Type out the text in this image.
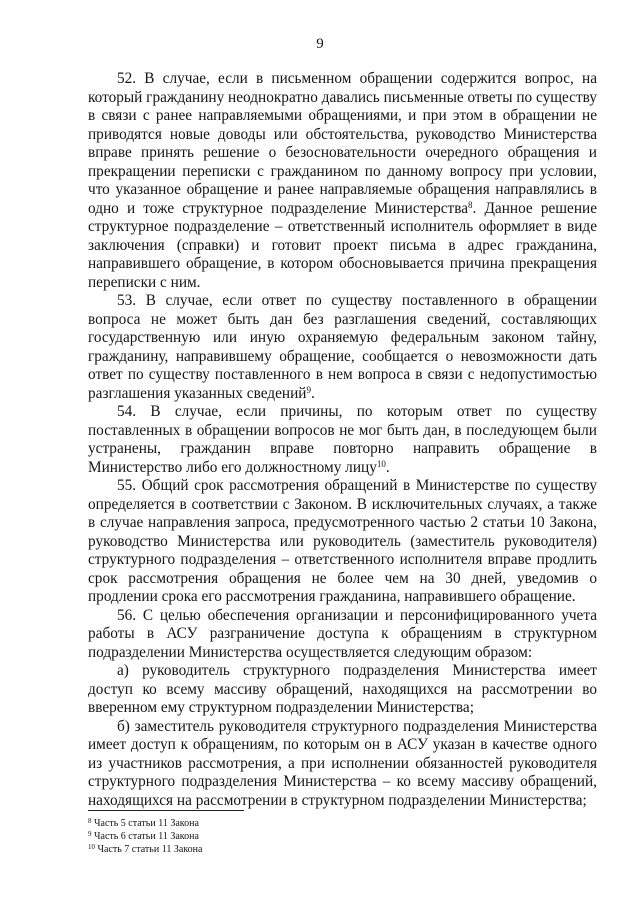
9

52. В случае, если в письменном обращении содержится вопрос, на который гражданину неоднократно давались письменные ответы по существу в связи с ранее направляемыми обращениями, и при этом в обращении не приводятся новые доводы или обстоятельства, руководство Министерства вправе принять решение о безосновательности очередного обращения и прекращении переписки с гражданином по данному вопросу при условии, что указанное обращение и ранее направляемые обращения направлялись в одно и тоже структурное подразделение Министерства$^8$. Данное решение структурное подразделение – ответственный исполнитель оформляет в виде заключения (справки) и готовит проект письма в адрес гражданина, направившего обращение, в котором обосновывается причина прекращения переписки с ним.

53. В случае, если ответ по существу поставленного в обращении вопроса не может быть дан без разглашения сведений, составляющих государственную или иную охраняемую федеральным законом тайну, гражданину, направившему обращение, сообщается о невозможности дать ответ по существу поставленного в нем вопроса в связи с недопустимостью разглашения указанных сведений$^9$.

54. В случае, если причины, по которым ответ по существу поставленных в обращении вопросов не мог быть дан, в последующем были устранены, гражданин вправе повторно направить обращение в Министерство либо его должностному лицу$^{10}$.

55. Общий срок рассмотрения обращений в Министерстве по существу определяется в соответствии с Законом. В исключительных случаях, а также в случае направления запроса, предусмотренного частью 2 статьи 10 Закона, руководство Министерства или руководитель (заместитель руководителя) структурного подразделения – ответственного исполнителя вправе продлить срок рассмотрения обращения не более чем на 30 дней, уведомив о продлении срока его рассмотрения гражданина, направившего обращение.

56. С целью обеспечения организации и персонифицированного учета работы в АСУ разграничение доступа к обращениям в структурном подразделении Министерства осуществляется следующим образом:

а) руководитель структурного подразделения Министерства имеет доступ ко всему массиву обращений, находящихся на рассмотрении во вверенном ему структурном подразделении Министерства;

б) заместитель руководителя структурного подразделения Министерства имеет доступ к обращениям, по которым он в АСУ указан в качестве одного из участников рассмотрения, а при исполнении обязанностей руководителя структурного подразделения Министерства – ко всему массиву обращений, находящихся на рассмотрении в структурном подразделении Министерства;

$^8$ Часть 5 статьи 11 Закона
$^9$ Часть 6 статьи 11 Закона
$^{10}$ Часть 7 статьи 11 Закона
